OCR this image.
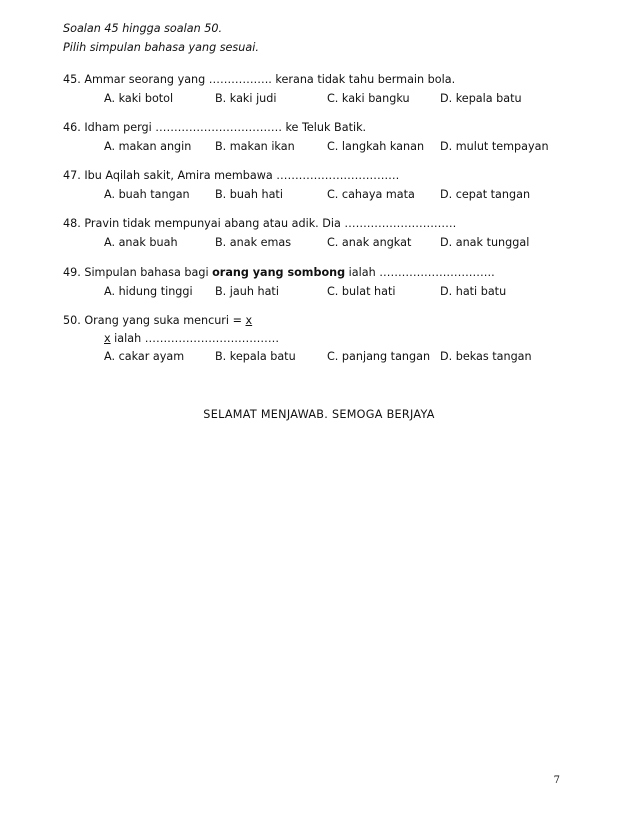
Soalan 45 hingga soalan 50.
Pilih simpulan bahasa yang sesuai.
45. Ammar seorang yang …………….. kerana tidak tahu bermain bola.
A. kaki botol	B. kaki judi	C. kaki bangku	D. kepala batu
46. Idham pergi ……………………………. ke Teluk Batik.
A. makan angin B. makan ikan	C. langkah kanan D. mulut tempayan
47. Ibu Aqilah sakit, Amira membawa ……………………………
A. buah tangan B. buah hati	C. cahaya mata D. cepat tangan
48. Pravin tidak mempunyai abang atau adik. Dia …………………………
A. anak buah	B. anak emas	C. anak angkat	D. anak tunggal
49. Simpulan bahasa bagi orang yang sombong ialah ………………………….
A. hidung tinggi B. jauh hati	C. bulat hati	D. hati batu
50. Orang yang suka mencuri = x
x ialah ………………………………
A. cakar ayam	B. kepala batu	C. panjang tangan D. bekas tangan
SELAMAT MENJAWAB. SEMOGA BERJAYA
7
